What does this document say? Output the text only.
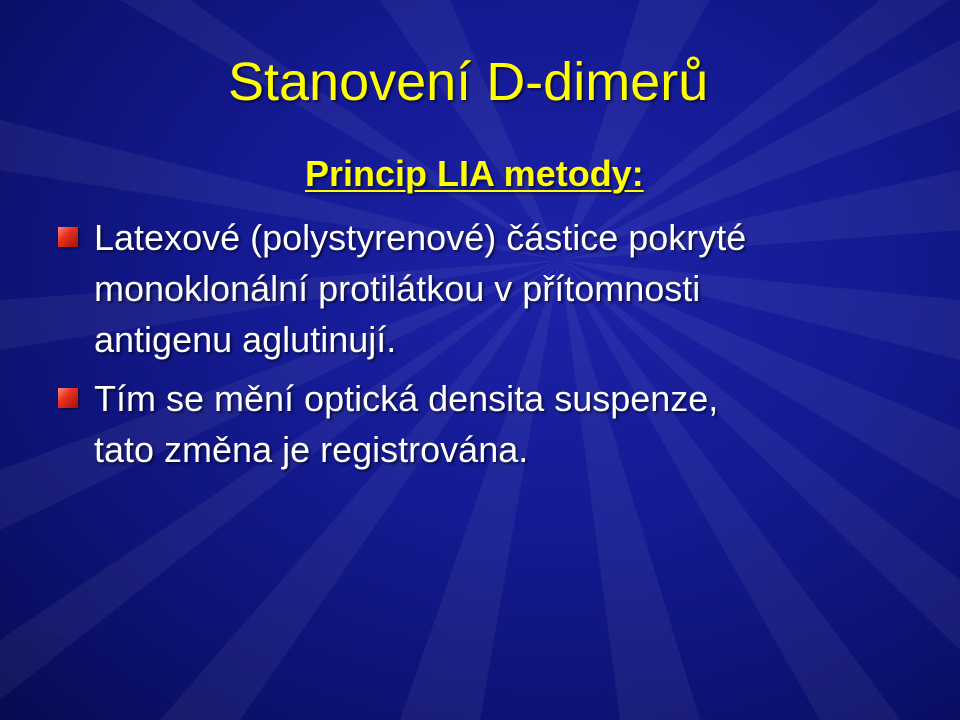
Stanovení D-dimerů
Princip LIA metody:
Latexové (polystyrenové) částice pokryté
monoklonální protilátkou v přítomnosti
antigenu aglutinují.
Tím se mění optická densita suspenze,
tato změna je registrována.
